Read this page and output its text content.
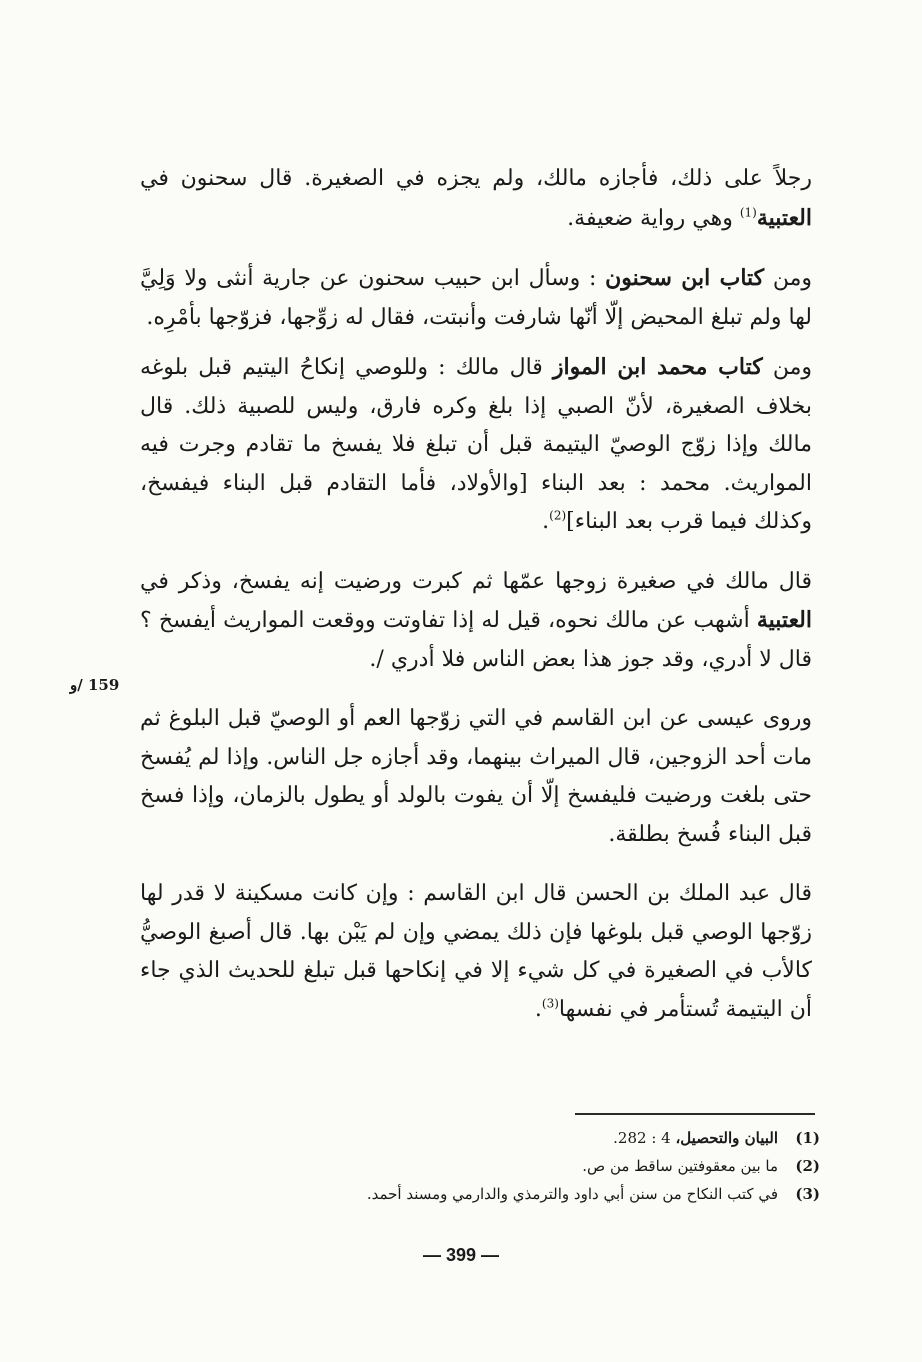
رجلاً على ذلك، فأجازه مالك، ولم يجزه في الصغيرة. قال سحنون في العتبية$^{(1)}$ وهي رواية ضعيفة.

ومن كتاب ابن سحنون : وسأل ابن حبيب سحنون عن جارية أنثى ولا وَلِيَّ لها ولم تبلغ المحيض إلّا أنّها شارفت وأنبتت، فقال له زوِّجها، فزوّجها بأمْرِه.

ومن كتاب محمد ابن المواز قال مالك : وللوصي إنكاحُ اليتيم قبل بلوغه بخلاف الصغيرة، لأنّ الصبي إذا بلغ وكره فارق، وليس للصبية ذلك. قال مالك وإذا زوّج الوصيّ اليتيمة قبل أن تبلغ فلا يفسخ ما تقادم وجرت فيه المواريث. محمد : بعد البناء [والأولاد، فأما التقادم قبل البناء فيفسخ، وكذلك فيما قرب بعد البناء]$^{(2)}$.

قال مالك في صغيرة زوجها عمّها ثم كبرت ورضيت إنه يفسخ، وذكر في العتبية أشهب عن مالك نحوه، قيل له إذا تفاوتت ووقعت المواريث أيفسخ ؟ قال لا أدري، وقد جوز هذا بعض الناس فلا أدري /.

وروى عيسى عن ابن القاسم في التي زوّجها العم أو الوصيّ قبل البلوغ ثم مات أحد الزوجين، قال الميراث بينهما، وقد أجازه جل الناس. وإذا لم يُفسخ حتى بلغت ورضيت فليفسخ إلّا أن يفوت بالولد أو يطول بالزمان، وإذا فسخ قبل البناء فُسخ بطلقة.

قال عبد الملك بن الحسن قال ابن القاسم : وإن كانت مسكينة لا قدر لها زوّجها الوصي قبل بلوغها فإن ذلك يمضي وإن لم يَبْن بها. قال أصبغ الوصيُّ كالأب في الصغيرة في كل شيء إلا في إنكاحها قبل تبلغ للحديث الذي جاء أن اليتيمة تُستأمر في نفسها$^{(3)}$.

159 /و
(1)
البيان والتحصيل، 4 : 282.
(2)
ما بين معقوفتين ساقط من ص.
(3)
في كتب النكاح من سنن أبي داود والترمذي والدارمي ومسند أحمد.
— 399 —
